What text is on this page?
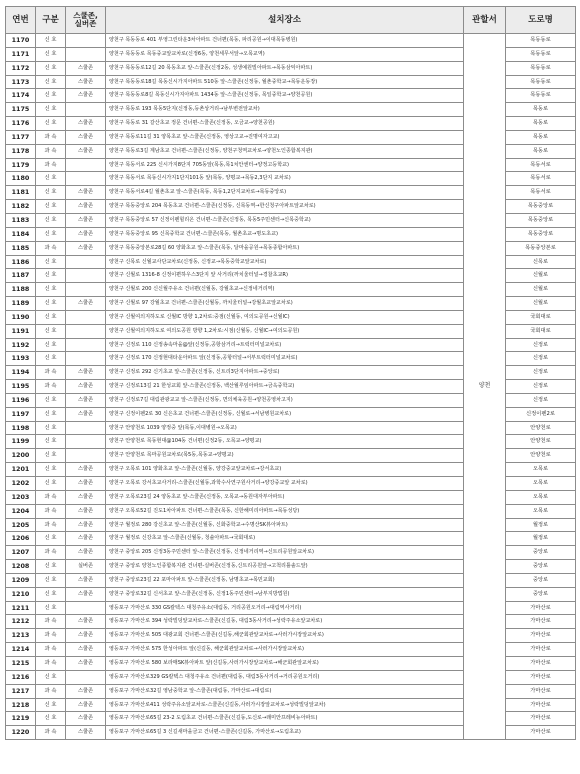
연번	구분	스쿨존,
실버존	설치장소	관할서	도로명
1170	신 호		양천구 목동동로 401 부영그린타운3차아파트 건너편(목동, 파리공원→이대목동병원)	양천	목동동로
1171	신 호		양천구 목동동로 목동중교앞교차로(신정6동, 양천세무서앞→오목교역)		목동동로
1172	신 호	스쿨존	양천구 목동동로12길 20 목동초교 앞-스쿨존(신정2동, 성생예원빌아파트→목동삼익아파트)		목동동로
1173	신 호	스쿨존	양천구 목동동로18길 목동신시가지아파트 510동 앞-스쿨존(신정동, 월촌중학교→목동운동장)		목동동로
1174	신 호	스쿨존	양천구 목동동로8길 목동신시가지아파트 1434동 앞-스쿨존(신정동, 목일중학교→양천공원)		목동동로
1175	신 호		양천구 목동로 193 목동5단지(신정동,등촌상거리→남부변전앞교차)		목동로
1176	신 호	스쿨존	양천구 목동로 31 갈산초교 정문 건너편-스쿨존(신정동, 오금교→양천공원)		목동로
1177	과 속	스쿨존	양천구 목동로11길 31 양목초교 앞-스쿨존(신정동, 영상고교→진명여자고교)		목동로
1178	과 속	스쿨존	양천구 목동로3길 계남초교 건너편-스쿨존(신정동, 양천구청역교차로→양천노인종합복지관)		목동로
1179	과 속		양천구 목동서로 225 신시가지8단지 705동앞(목동,목1치안센터→양정고등학교)		목동서로
1180	신 호		양천구 목동서로 목동신시가지1단지101동 앞(목동, 양평교→목동2,3단지 교차로)		목동서로
1181	신 호	스쿨존	양천구 목동서로4길 월촌초교 앞-스쿨존(목동, 목동1,2단지교차로→목동중앙로)		목동서로
1182	신 호	스쿨존	양천구 목동중앙로 204 목동초교 건너편-스쿨존(신정동, 신목동역→한신청구아파트앞교차로)		목동중앙로
1183	신 호	스쿨존	양천구 목동중앙로 57 신정이펜힐리온 건너편-스쿨존(신정동, 목동5주민센터→신목중학교)		목동중앙로
1184	신 호	스쿨존	양천구 목동중앙로 95 신목중학교 건너편-스쿨존(목동, 월촌초교→명도초교)		목동중앙로
1185	과 속	스쿨존	양천구 목동중앙본로28길 60 양화초교 앞-스쿨존(목동, 달마을공원→목동종합아파트)		목동중앙본로
1186	신 호		양천구 신목로 신월교사단교차로(신정동, 신정교→목동중학교앞교차로)		신목로
1187	신 호		양천구 신월로 1316-8 신정이편하우스3단지 앞 사거리(까치울터널→경찰초교R)		신월로
1188	신 호		양천구 신월로 200 신신월주유소 건너편(신월동, 강월초교→신정네거리역)		신월로
1189	신 호	스쿨존	양천구 신월로 97 강월초교 건너편-스쿨존(신월동, 까치울터널→강월초교앞교차로)		신월로
1190	신 호		양천구 신월여의지하도로 신월IC 방향 1,2차로:중점(신월동, 여의도공원→신월IC)		국회대로
1191	신 호		양천구 신월여의지하도로 여의도공원 방향 1,2차로:시점(신월동, 신월IC→여의도공원)		국회대로
1192	신 호		양천구 신정로 110 신정송속마을@앞(신정동,공항삼거리→트럭터미널교차로)		신정로
1193	신 호		양천구 신정로 170 신정현대타운아파트 앞(신정동,공항터널→서부트럭터미널교차로)		신정로
1194	과 속	스쿨존	양천구 신정로 292 신기초교 앞-스쿨존(신정동, 신트리3단지아파트→중앙로)		신정로
1195	과 속	스쿨존	양천구 신정로13길 21 한성교회 앞-스쿨존(신정동, 백산월루임아파트→금옥중학교)		신정로
1196	신 호	스쿨존	양천구 신정로7길 대림관광교교 앞-스쿨존(신정동, 면의체육공원→양천공영차고지)		신정로
1197	신 호	스쿨존	양천구 신정이펜2로 30 신은초교 건너편-스쿨존(신정동, 신월로→서남병원교차로)		신정이펜2로
1198	신 호		양천구 안양천로 1039 양정중 앞(목동,이대병원→오목교)		안양천로
1199	신 호		양천구 안양천로 목동현대@104동 건너편(신정2동, 오목교→양평교)		안양천로
1200	신 호		양천구 안양천로 목마공원교차로(목5동,목동교→양평교)		안양천로
1201	신 호	스쿨존	양천구 오목로 101 양화초교 앞-스쿨존(신월동, 양강중교앞교차로→강서초교)		오목로
1202	신 호	스쿨존	양천구 오목로 강서초교사거리-스쿨존(신월동,과학수사연구원사거리→양강중교앞 교차로)		오목로
1203	과 속	스쿨존	양천구 오목로23길 24 양동초교 앞-스쿨존(신정동, 오목교→동원대자부아파트)		오목로
1204	과 속	스쿨존	양천구 오목로52길 진도1차아파트 건너편-스쿨존(목동, 신한해미리아파트→목동성당)		오목로
1205	과 속	스쿨존	양천구 월정로 280 강신초교 앞-스쿨존(신월동, 신화중학교→수명산SK뷰아파트)		월정로
1206	신 호	스쿨존	양천구 월정로 신강초교 앞-스쿨존(신월동, 청솔아파트→국회대로)		월정로
1207	과 속	스쿨존	양천구 중앙로 205 신정3동주민센터 앞-스쿨존(신정동, 신정네거리역→신트리공원앞교차로)		중앙로
1208	신 호	실버존	양천구 중앙로 양천노인종합복지관 건너편-실버존(신정동,신트리공원앞→고척리틀솔드앞)		중앙로
1209	신 호	스쿨존	양천구 중앙로23길 22 포마아파트 앞-스쿨존(신정동, 남명초교→목민교회)		중앙로
1210	신 호	스쿨존	양천구 중앙로32길 신서초교 앞-스쿨존(신정동, 신정1동주민센터→남부지방법원)		중앙로
1211	신 호		영등포구 가마산로 330 GS칼텍스 대청주유소(대림동, 거리공원오거리→대림역사거리)		가마산로
1212	과 속	스쿨존	영등포구 가마산로 394 성락빌딩앞교차로-스쿨존(신길동, 대림3동사거리→성락주유소앞교차로)		가마산로
1213	과 속	스쿨존	영등포구 가마산로 505 대광교회 건너편-스쿨존(신길동,해군회관앞교차로→사러가시장앞교차로)		가마산로
1214	과 속	스쿨존	영등포구 가마산로 575 한성아파트 앞(신길동, 해군회관앞교차로→사러가시장앞교차로)		가마산로
1215	과 속	스쿨존	영등포구 가마산로 580 보라매SK뷰아파트 앞(신길동,사러가시장앞교차로→해군회관앞교차로)		가마산로
1216	신 호		영등포구 가마산로329 GS칼텍스 대청주유소 건너편(대림동, 대림3동사거리→거리공원오거리)		가마산로
1217	과 속	스쿨존	영등포구 가마산로32길 영남중학교 앞-스쿨존(대림동, 가마산로→대림로)		가마산로
1218	신 호	스쿨존	영등포구 가마산로411 성락주유소앞교차로-스쿨존(신길동,사러가시장앞교차로→성락빌딩앞교차)		가마산로
1219	신 호	스쿨존	영등포구 가마산로65길 23-2 도림초교 건너편-스쿨존(신길동,도신로→래미안프레비뉴아파트)		가마산로
1220	과 속	스쿨존	영등포구 가마산로65길 3 신길새마을금고 건너편-스쿨존(신길동, 가마산로→도림초교)		가마산로
